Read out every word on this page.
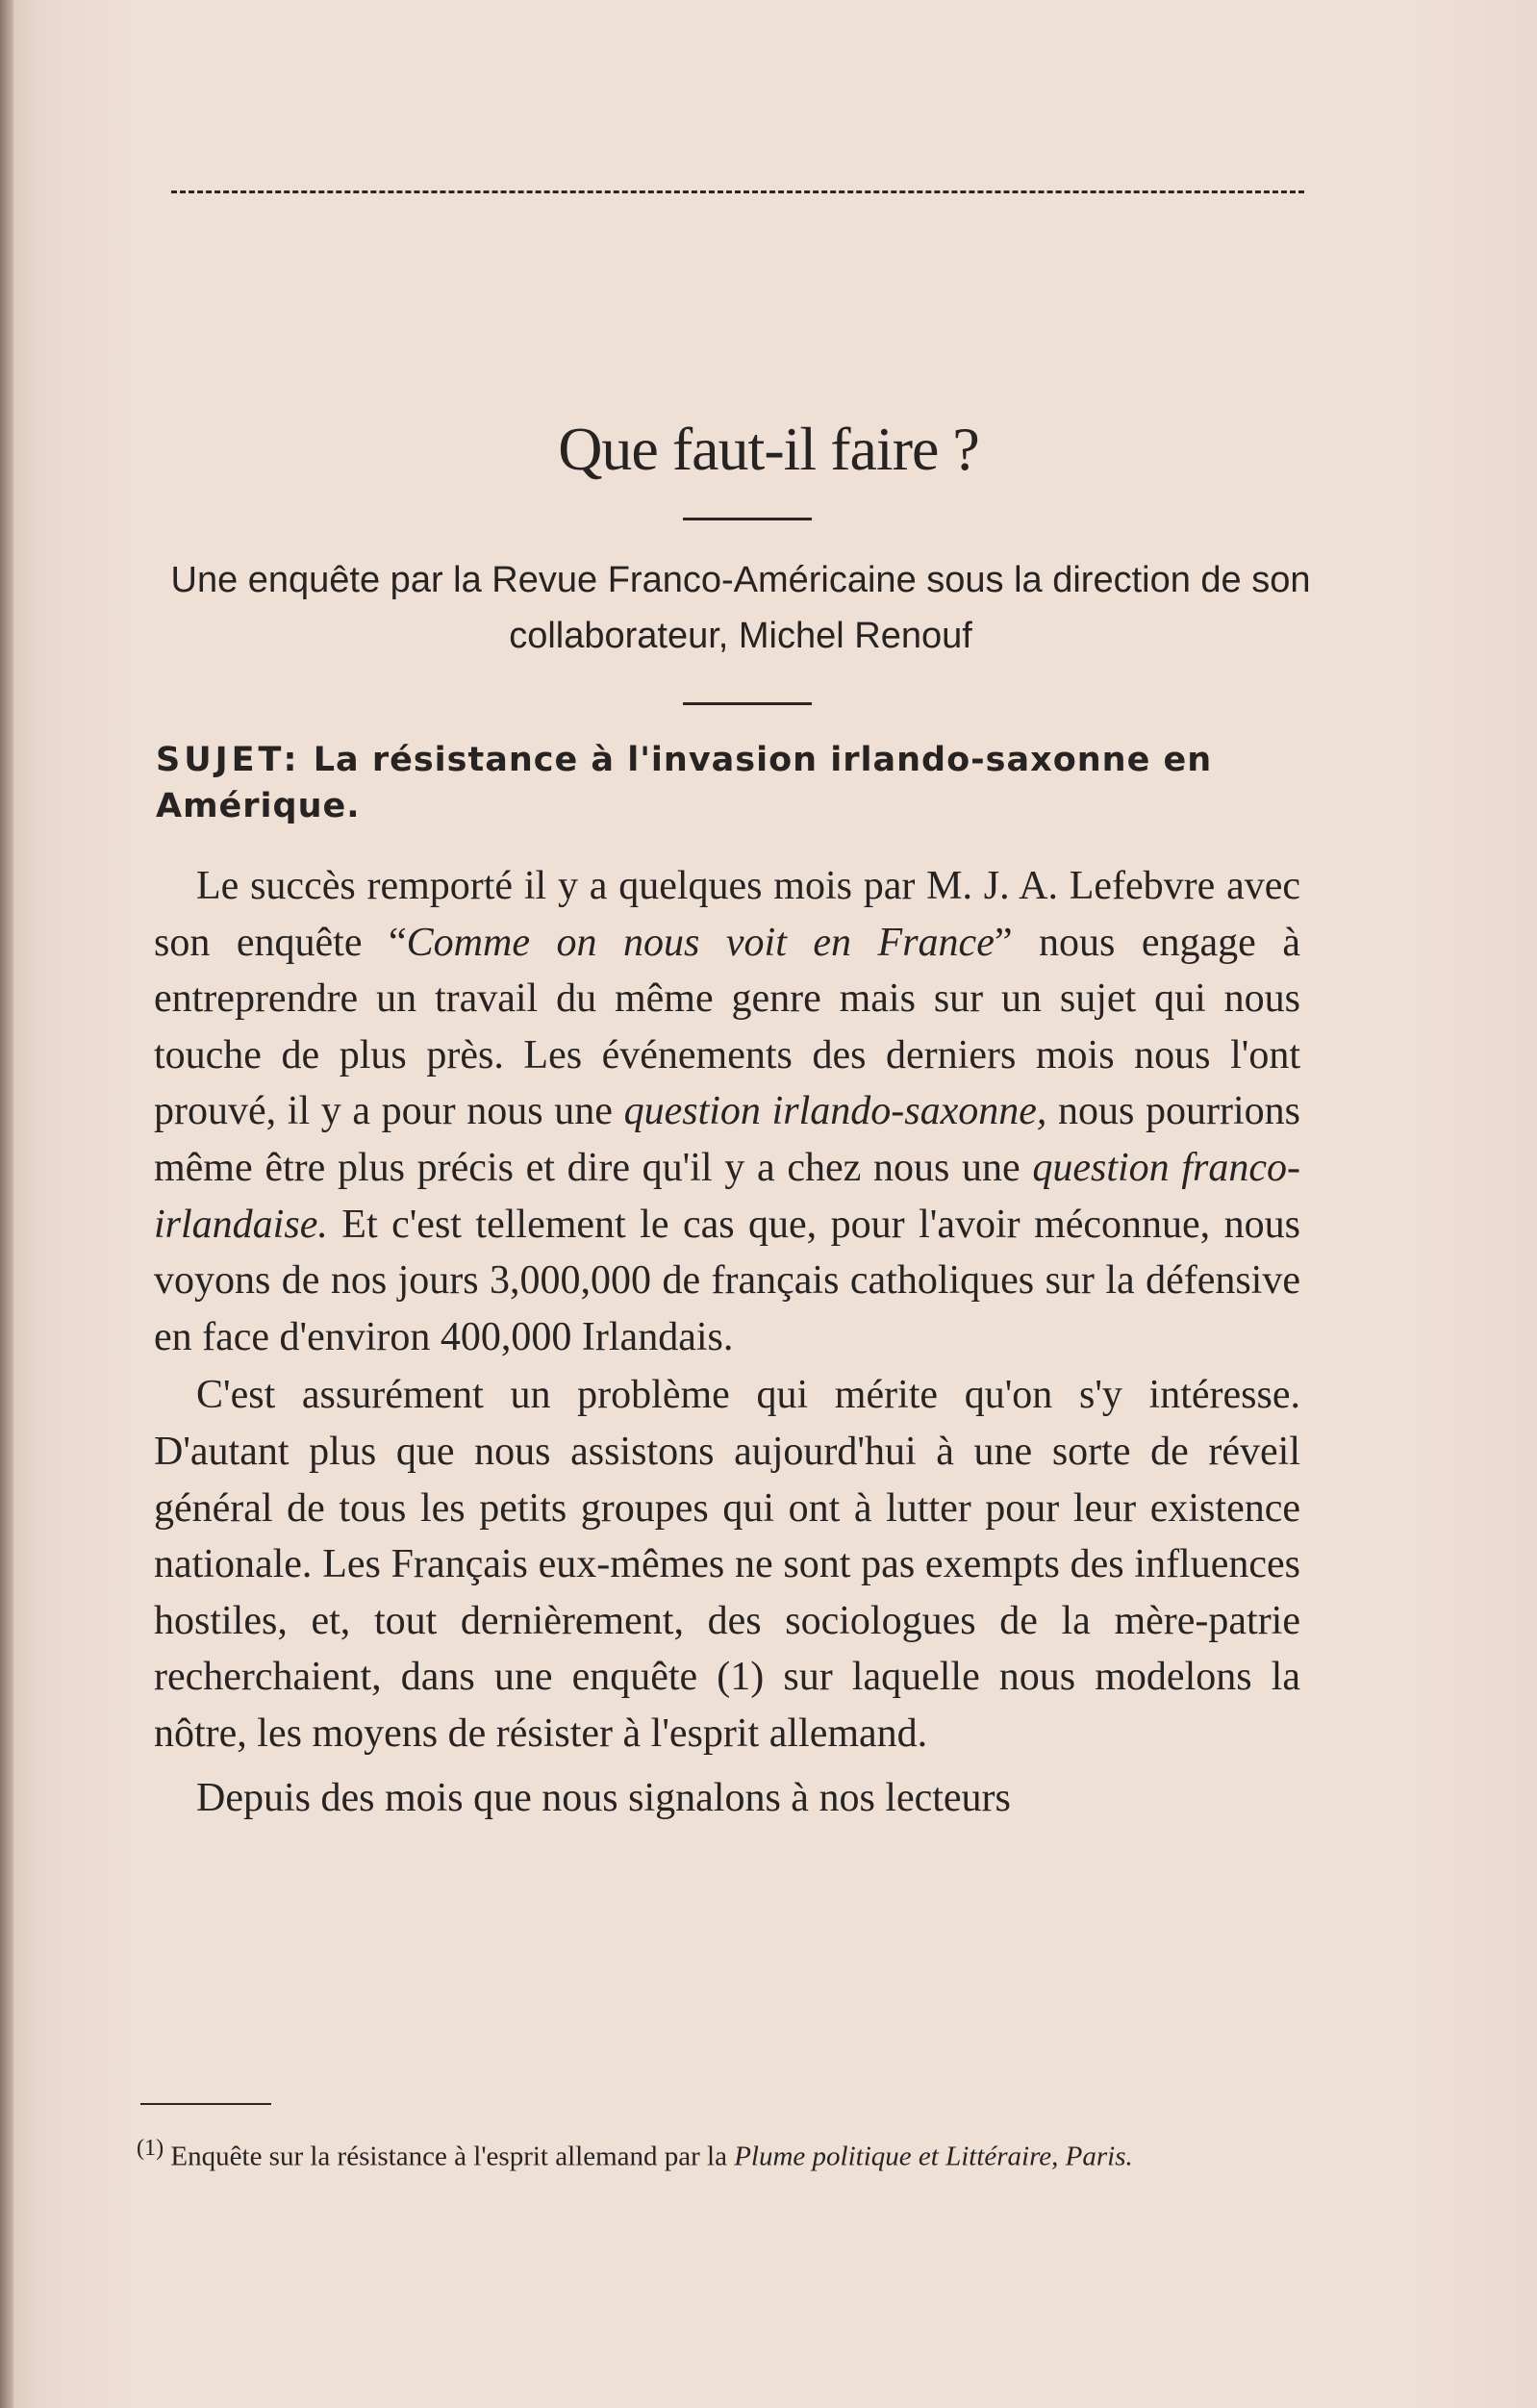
Que faut-il faire ?
Une enquête par la Revue Franco-Américaine sous la direction de son collaborateur, Michel Renouf
SUJET: La résistance à l'invasion irlando-saxonne en Amérique.

Le succès remporté il y a quelques mois par M. J. A. Lefebvre avec son enquête “Comme on nous voit en France” nous engage à entreprendre un travail du même genre mais sur un sujet qui nous touche de plus près. Les événements des derniers mois nous l'ont prouvé, il y a pour nous une question irlando-saxonne, nous pourrions même être plus précis et dire qu'il y a chez nous une question franco-irlandaise. Et c'est tellement le cas que, pour l'avoir méconnue, nous voyons de nos jours 3,000,000 de français catholiques sur la défensive en face d'environ 400,000 Irlandais.

C'est assurément un problème qui mérite qu'on s'y intéresse. D'autant plus que nous assistons aujourd'hui à une sorte de réveil général de tous les petits groupes qui ont à lutter pour leur existence nationale. Les Français eux-mêmes ne sont pas exempts des influences hostiles, et, tout dernièrement, des sociologues de la mère-patrie recherchaient, dans une enquête (1) sur laquelle nous modelons la nôtre, les moyens de résister à l'esprit allemand.

Depuis des mois que nous signalons à nos lecteurs

$^{(1)}$ Enquête sur la résistance à l'esprit allemand par la Plume politique et Littéraire, Paris.
